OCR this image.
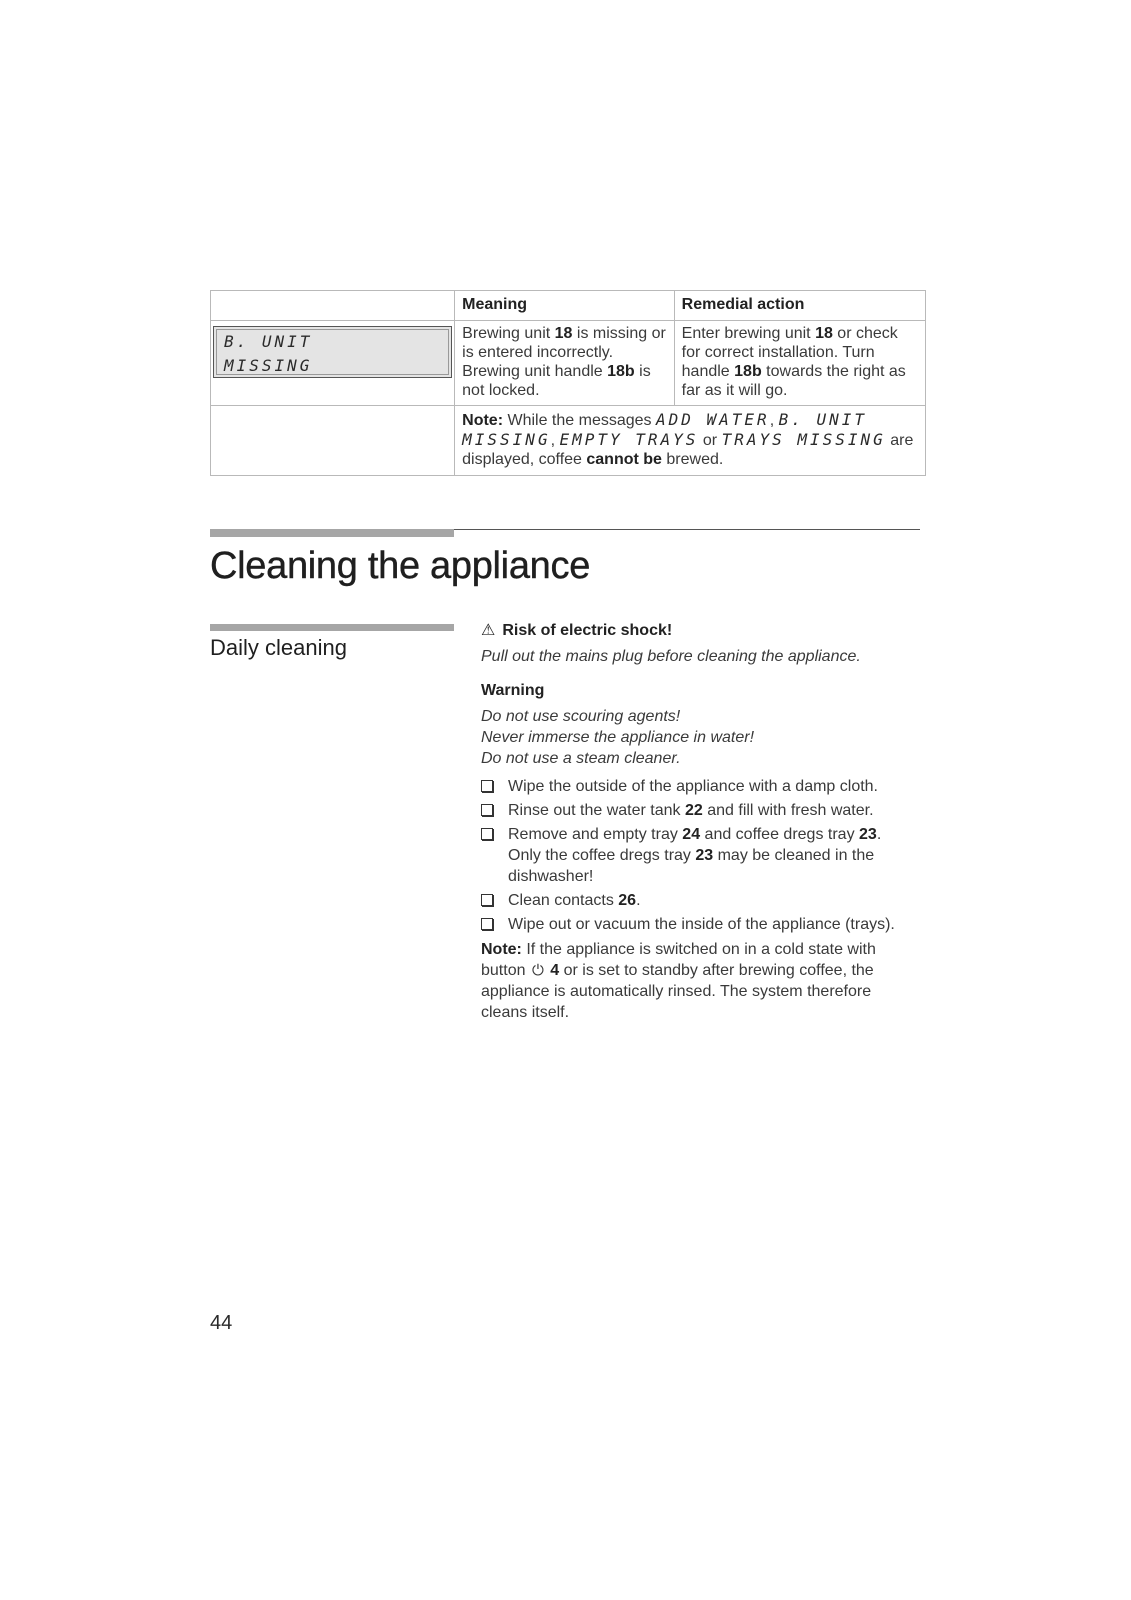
	Meaning	Remedial action

B. UNIT
MISSING	Brewing unit 18 is missing or is entered incorrectly. Brewing unit handle 18b is not locked.	Enter brewing unit 18 or check for correct installation. Turn handle 18b towards the right as far as it will go.
	Note: While the messages ADD WATER, B. UNIT MISSING, EMPTY TRAYS or TRAYS MISSING are displayed, coffee cannot be brewed.	
Cleaning the appliance
Daily cleaning

⚠ Risk of electric shock!

Pull out the mains plug before cleaning the appliance.

Warning

Do not use scouring agents!

Never immerse the appliance in water!

Do not use a steam cleaner.

Wipe the outside of the appliance with a damp cloth.
Rinse out the water tank 22 and fill with fresh water.
Remove and empty tray 24 and coffee dregs tray 23. Only the coffee dregs tray 23 may be cleaned in the dishwasher!
Clean contacts 26.
Wipe out or vacuum the inside of the appliance (trays).

Note: If the appliance is switched on in a cold state with button ⏻ 4 or is set to standby after brewing coffee, the appliance is automatically rinsed. The system therefore cleans itself.

44
